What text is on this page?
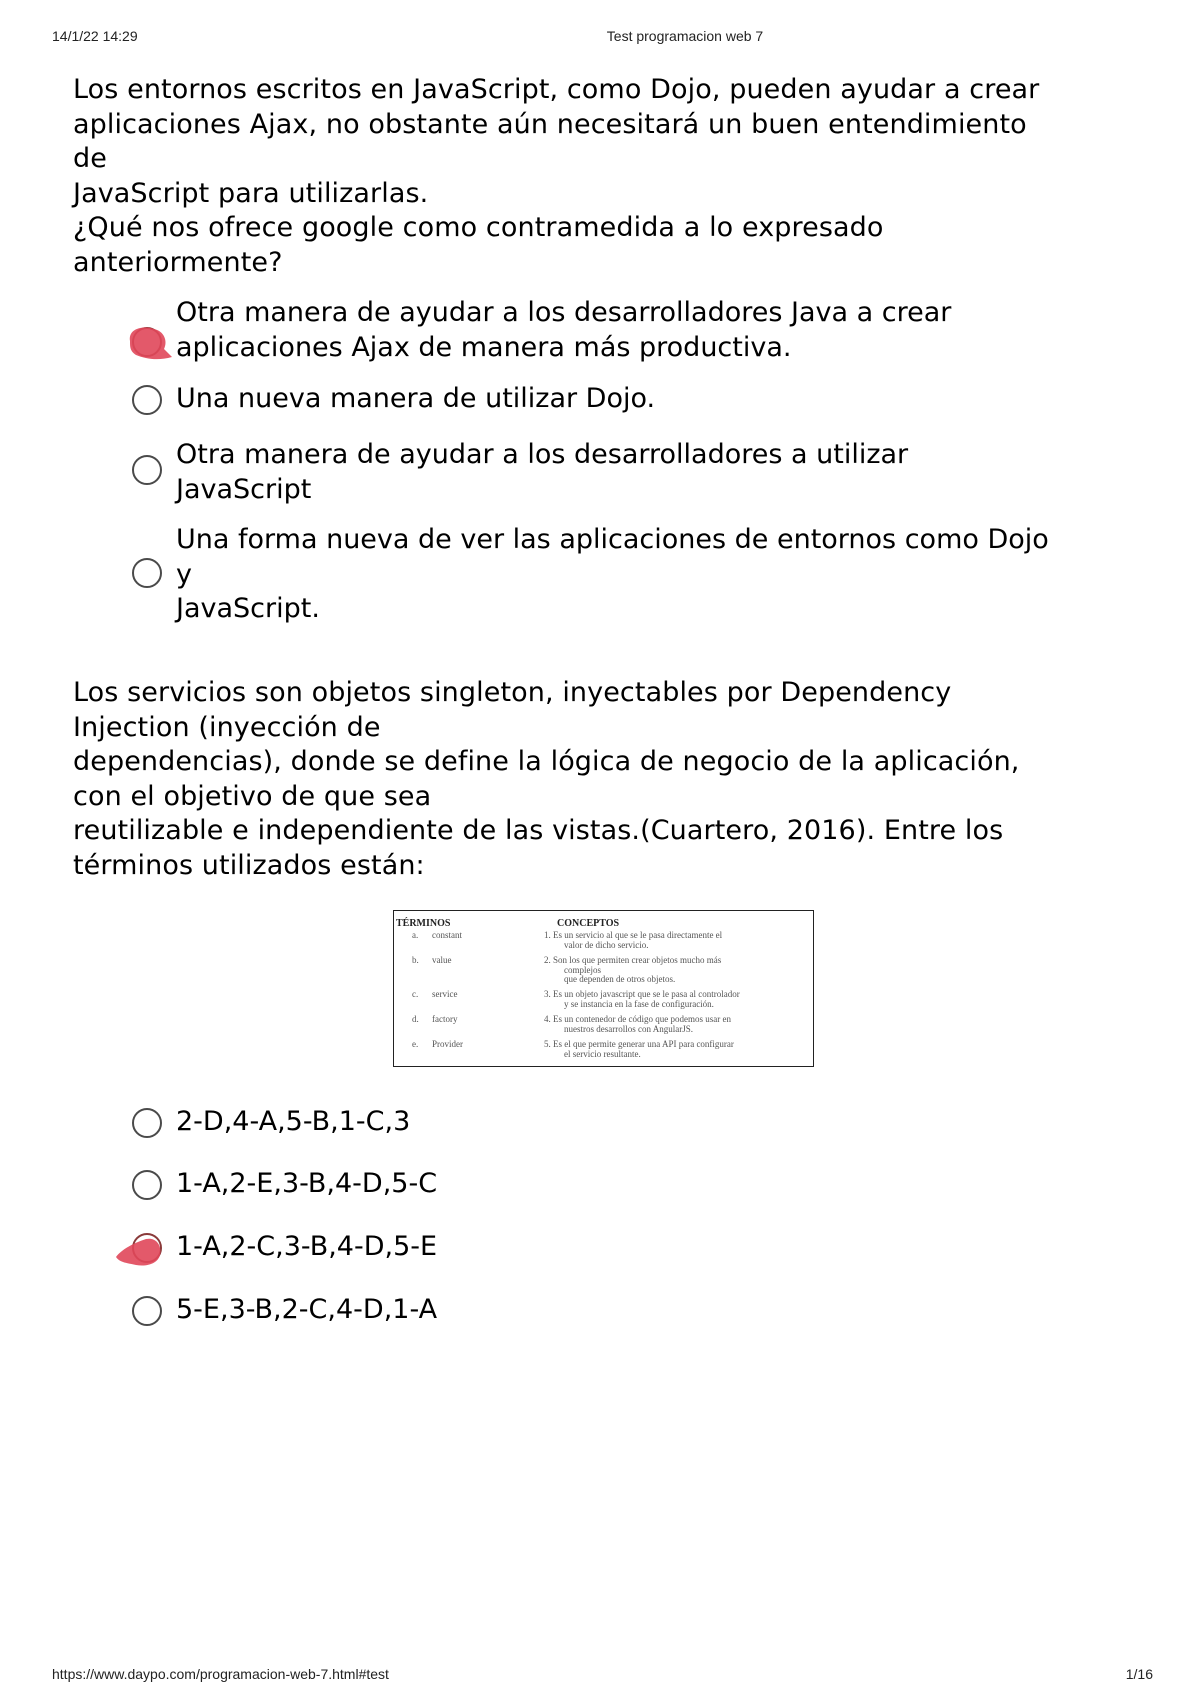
14/1/22 14:29	Test programacion web 7
Los entornos escritos en JavaScript, como Dojo, pueden ayudar a crear
aplicaciones Ajax, no obstante aún necesitará un buen entendimiento
de
JavaScript para utilizarlas.
¿Qué nos ofrece google como contramedida a lo expresado
anteriormente?
Otra manera de ayudar a los desarrolladores Java a crear
aplicaciones Ajax de manera más productiva.
Una nueva manera de utilizar Dojo.
Otra manera de ayudar a los desarrolladores a utilizar
JavaScript
Una forma nueva de ver las aplicaciones de entornos como Dojo
y
JavaScript.
Los servicios son objetos singleton, inyectables por Dependency
Injection (inyección de
dependencias), donde se define la lógica de negocio de la aplicación,
con el objetivo de que sea
reutilizable e independiente de las vistas.(Cuartero, 2016). Entre los
términos utilizados están:
TÉRMINOS	CONCEPTOS
a. constant	1. Es un servicio al que se le pasa directamente el
valor de dicho servicio.
b. value	2. Son los que permiten crear objetos mucho más
complejos
que dependen de otros objetos.
c. service	3. Es un objeto javascript que se le pasa al controlador
y se instancia en la fase de configuración.
d. factory	4. Es un contenedor de código que podemos usar en
nuestros desarrollos con AngularJS.
e. Provider	5. Es el que permite generar una API para configurar
el servicio resultante.
2-D,4-A,5-B,1-C,3
1-A,2-E,3-B,4-D,5-C
1-A,2-C,3-B,4-D,5-E
5-E,3-B,2-C,4-D,1-A
https://www.daypo.com/programacion-web-7.html#test	1/16
